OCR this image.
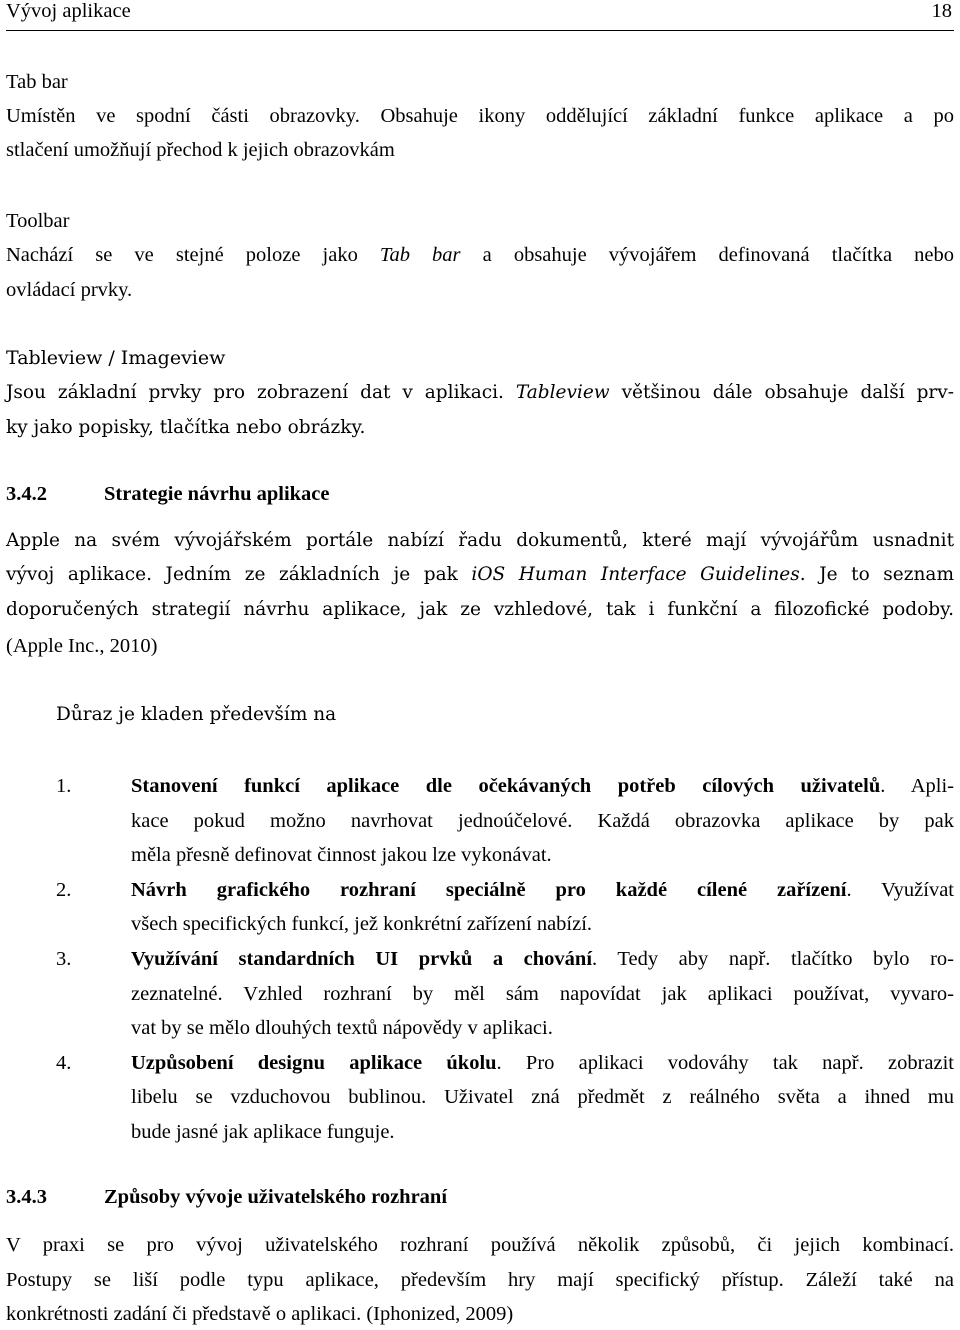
Vývoj aplikace	18
Tab bar
Umístěn ve spodní části obrazovky. Obsahuje ikony oddělující základní funkce aplikace a po
stlačení umožňují přechod k jejich obrazovkám
Toolbar
Nachází se ve stejné poloze jako Tab bar a obsahuje vývojářem definovaná tlačítka nebo
ovládací prvky.
Tableview / Imageview
Jsou základní prvky pro zobrazení dat v aplikaci. Tableview většinou dále obsahuje další prv-
ky jako popisky, tlačítka nebo obrázky.
3.4.2	Strategie návrhu aplikace
Apple na svém vývojářském portále nabízí řadu dokumentů, které mají vývojářům usnadnit
vývoj aplikace. Jedním ze základních je pak iOS Human Interface Guidelines. Je to seznam
doporučených strategií návrhu aplikace, jak ze vzhledové, tak i funkční a filozofické podoby.
(Apple Inc., 2010)
Důraz je kladen především na
1.	Stanovení funkcí aplikace dle očekávaných potřeb cílových uživatelů. Apli-
kace pokud možno navrhovat jednoúčelové. Každá obrazovka aplikace by pak
měla přesně definovat činnost jakou lze vykonávat.
2.	Návrh grafického rozhraní speciálně pro každé cílené zařízení. Využívat
všech specifických funkcí, jež konkrétní zařízení nabízí.
3.	Využívání standardních UI prvků a chování. Tedy aby např. tlačítko bylo ro-
zeznatelné. Vzhled rozhraní by měl sám napovídat jak aplikaci používat, vyvaro-
vat by se mělo dlouhých textů nápovědy v aplikaci.
4.	Uzpůsobení designu aplikace úkolu. Pro aplikaci vodováhy tak např. zobrazit
libelu se vzduchovou bublinou. Uživatel zná předmět z reálného světa a ihned mu
bude jasné jak aplikace funguje.
3.4.3	Způsoby vývoje uživatelského rozhraní
V praxi se pro vývoj uživatelského rozhraní používá několik způsobů, či jejich kombinací.
Postupy se liší podle typu aplikace, především hry mají specifický přístup. Záleží také na
konkrétnosti zadání či představě o aplikaci. (Iphonized, 2009)
